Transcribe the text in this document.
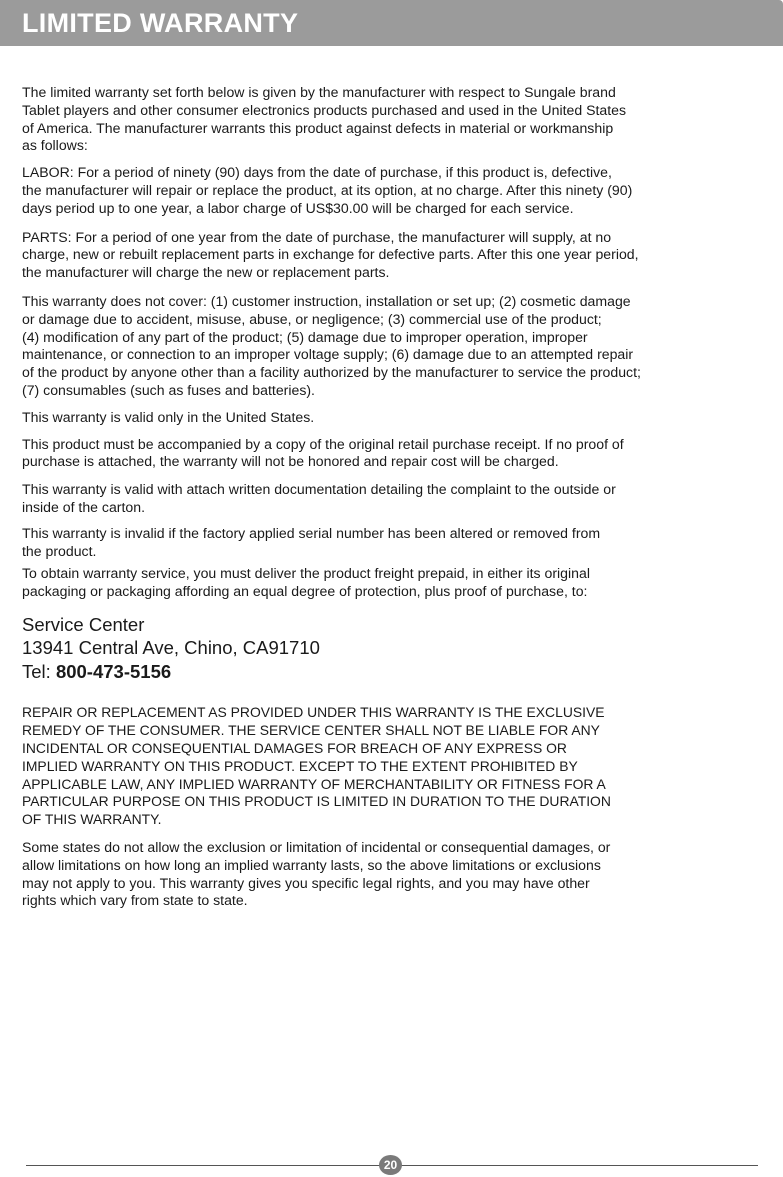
LIMITED WARRANTY

The limited warranty set forth below is given by the manufacturer with respect to Sungale brand
Tablet players and other consumer electronics products purchased and used in the United States
of America. The manufacturer warrants this product against defects in material or workmanship
as follows:

LABOR: For a period of ninety (90) days from the date of purchase, if this product is, defective,
the manufacturer will repair or replace the product, at its option, at no charge. After this ninety (90)
days period up to one year, a labor charge of US$30.00 will be charged for each service.

PARTS: For a period of one year from the date of purchase, the manufacturer will supply, at no
charge, new or rebuilt replacement parts in exchange for defective parts. After this one year period,
the manufacturer will charge the new or replacement parts.

This warranty does not cover: (1) customer instruction, installation or set up; (2) cosmetic damage
or damage due to accident, misuse, abuse, or negligence; (3) commercial use of the product;
(4) modification of any part of the product; (5) damage due to improper operation, improper
maintenance, or connection to an improper voltage supply; (6) damage due to an attempted repair
of the product by anyone other than a facility authorized by the manufacturer to service the product;
(7) consumables (such as fuses and batteries).

This warranty is valid only in the United States.

This product must be accompanied by a copy of the original retail purchase receipt. If no proof of
purchase is attached, the warranty will not be honored and repair cost will be charged.

This warranty is valid with attach written documentation detailing the complaint to the outside or
inside of the carton.

This warranty is invalid if the factory applied serial number has been altered or removed from
the product.

To obtain warranty service, you must deliver the product freight prepaid, in either its original
packaging or packaging affording an equal degree of protection, plus proof of purchase, to:

Service Center

13941 Central Ave, Chino, CA91710

Tel: 800-473-5156

REPAIR OR REPLACEMENT AS PROVIDED UNDER THIS WARRANTY IS THE EXCLUSIVE
REMEDY OF THE CONSUMER. THE SERVICE CENTER SHALL NOT BE LIABLE FOR ANY
INCIDENTAL OR CONSEQUENTIAL DAMAGES FOR BREACH OF ANY EXPRESS OR
IMPLIED WARRANTY ON THIS PRODUCT. EXCEPT TO THE EXTENT PROHIBITED BY
APPLICABLE LAW, ANY IMPLIED WARRANTY OF MERCHANTABILITY OR FITNESS FOR A
PARTICULAR PURPOSE ON THIS PRODUCT IS LIMITED IN DURATION TO THE DURATION
OF THIS WARRANTY.

Some states do not allow the exclusion or limitation of incidental or consequential damages, or
allow limitations on how long an implied warranty lasts, so the above limitations or exclusions
may not apply to you. This warranty gives you specific legal rights, and you may have other
rights which vary from state to state.

20
